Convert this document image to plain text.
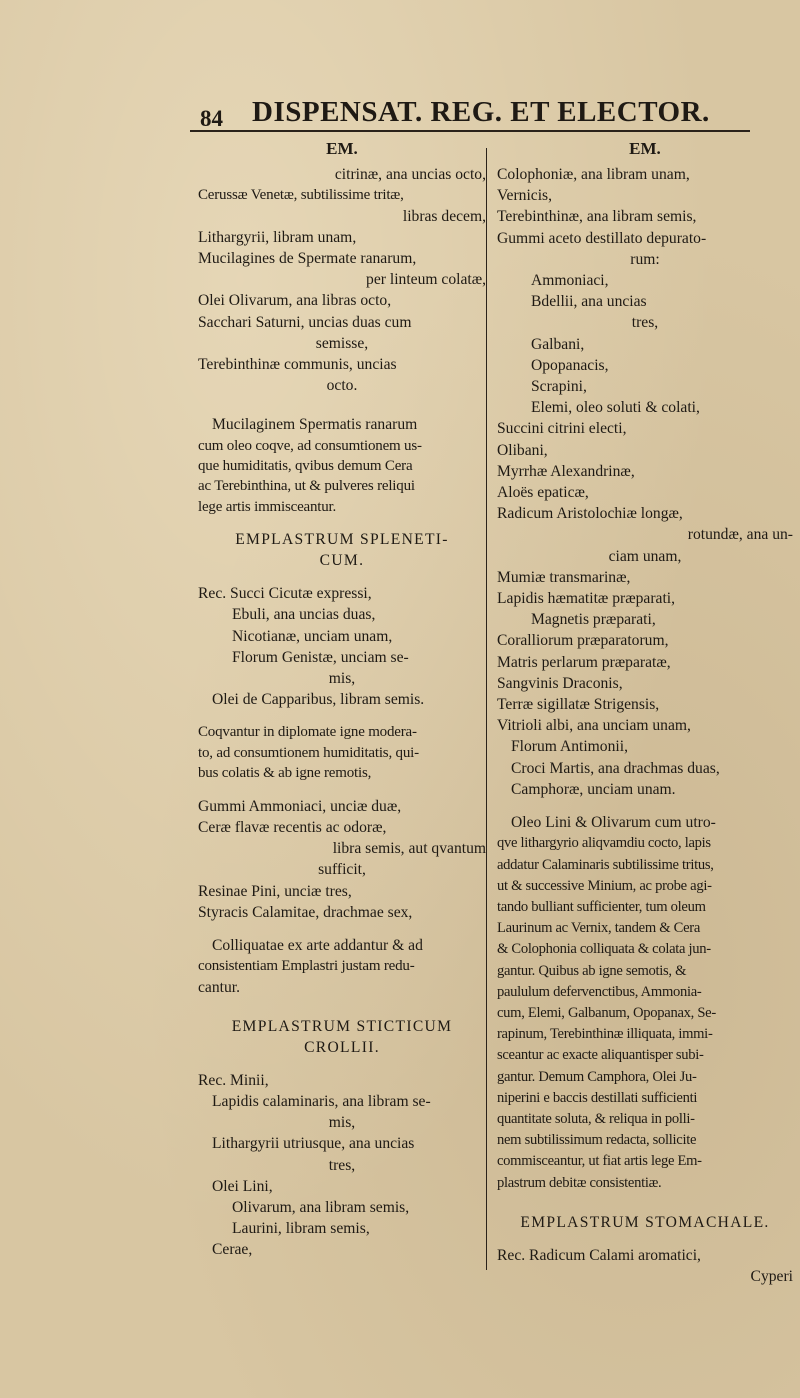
84 DISPENSAT. REG. ET ELECTOR.
EM.
citrinæ, ana uncias octo,
Cerussæ Venetæ, subtilissime tritæ,
libras decem,
Lithargyrii, libram unam,
Mucilagines de Spermate ranarum,
per linteum colatæ,
Olei Olivarum, ana libras octo,
Sacchari Saturni, uncias duas cum
semisse,
Terebinthinæ communis, uncias
octo.
Mucilaginem Spermatis ranarum
cum oleo coqve, ad consumtionem us-
que humiditatis, qvibus demum Cera
ac Terebinthina, ut & pulveres reliqui
lege artis immisceantur.
EMPLASTRUM SPLENETI-
CUM.
Rec. Succi Cicutæ expressi,
Ebuli, ana uncias duas,
Nicotianæ, unciam unam,
Florum Genistæ, unciam se-
mis,
Olei de Capparibus, libram semis.
Coqvantur in diplomate igne modera-
to, ad consumtionem humiditatis, qui-
bus colatis & ab igne remotis,
Gummi Ammoniaci, unciæ duæ,
Ceræ flavæ recentis ac odoræ,
libra semis, aut qvantum
sufficit,
Resinae Pini, unciæ tres,
Styracis Calamitae, drachmae sex,
Colliquatae ex arte addantur & ad
consistentiam Emplastri justam redu-
cantur.
EMPLASTRUM STICTICUM
CROLLII.
Rec. Minii,
Lapidis calaminaris, ana libram se-
mis,
Lithargyrii utriusque, ana uncias
tres,
Olei Lini,
Olivarum, ana libram semis,
Laurini, libram semis,
Cerae,
EM.
Colophoniæ, ana libram unam,
Vernicis,
Terebinthinæ, ana libram semis,
Gummi aceto destillato depurato-
rum:
Ammoniaci,
Bdellii, ana uncias
tres,
Galbani,
Opopanacis,
Scrapini,
Elemi, oleo soluti & colati,
Succini citrini electi,
Olibani,
Myrrhæ Alexandrinæ,
Aloës epaticæ,
Radicum Aristolochiæ longæ,
rotundæ, ana un-
ciam unam,
Mumiæ transmarinæ,
Lapidis hæmatitæ præparati,
Magnetis præparati,
Coralliorum præparatorum,
Matris perlarum præparatæ,
Sangvinis Draconis,
Terræ sigillatæ Strigensis,
Vitrioli albi, ana unciam unam,
Florum Antimonii,
Croci Martis, ana drachmas duas,
Camphoræ, unciam unam.
Oleo Lini & Olivarum cum utro-
qve lithargyrio aliqvamdiu cocto, lapis
addatur Calaminaris subtilissime tritus,
ut & successive Minium, ac probe agi-
tando bulliant sufficienter, tum oleum
Laurinum ac Vernix, tandem & Cera
& Colophonia colliquata & colata jun-
gantur. Quibus ab igne semotis, &
paululum defervenctibus, Ammonia-
cum, Elemi, Galbanum, Opopanax, Se-
rapinum, Terebinthinæ illiquata, immi-
sceantur ac exacte aliquantisper subi-
gantur. Demum Camphora, Olei Ju-
niperini e baccis destillati sufficienti
quantitate soluta, & reliqua in polli-
nem subtilissimum redacta, sollicite
commisceantur, ut fiat artis lege Em-
plastrum debitæ consistentiæ.
EMPLASTRUM STOMACHALE.
Rec. Radicum Calami aromatici,
Cyperi
